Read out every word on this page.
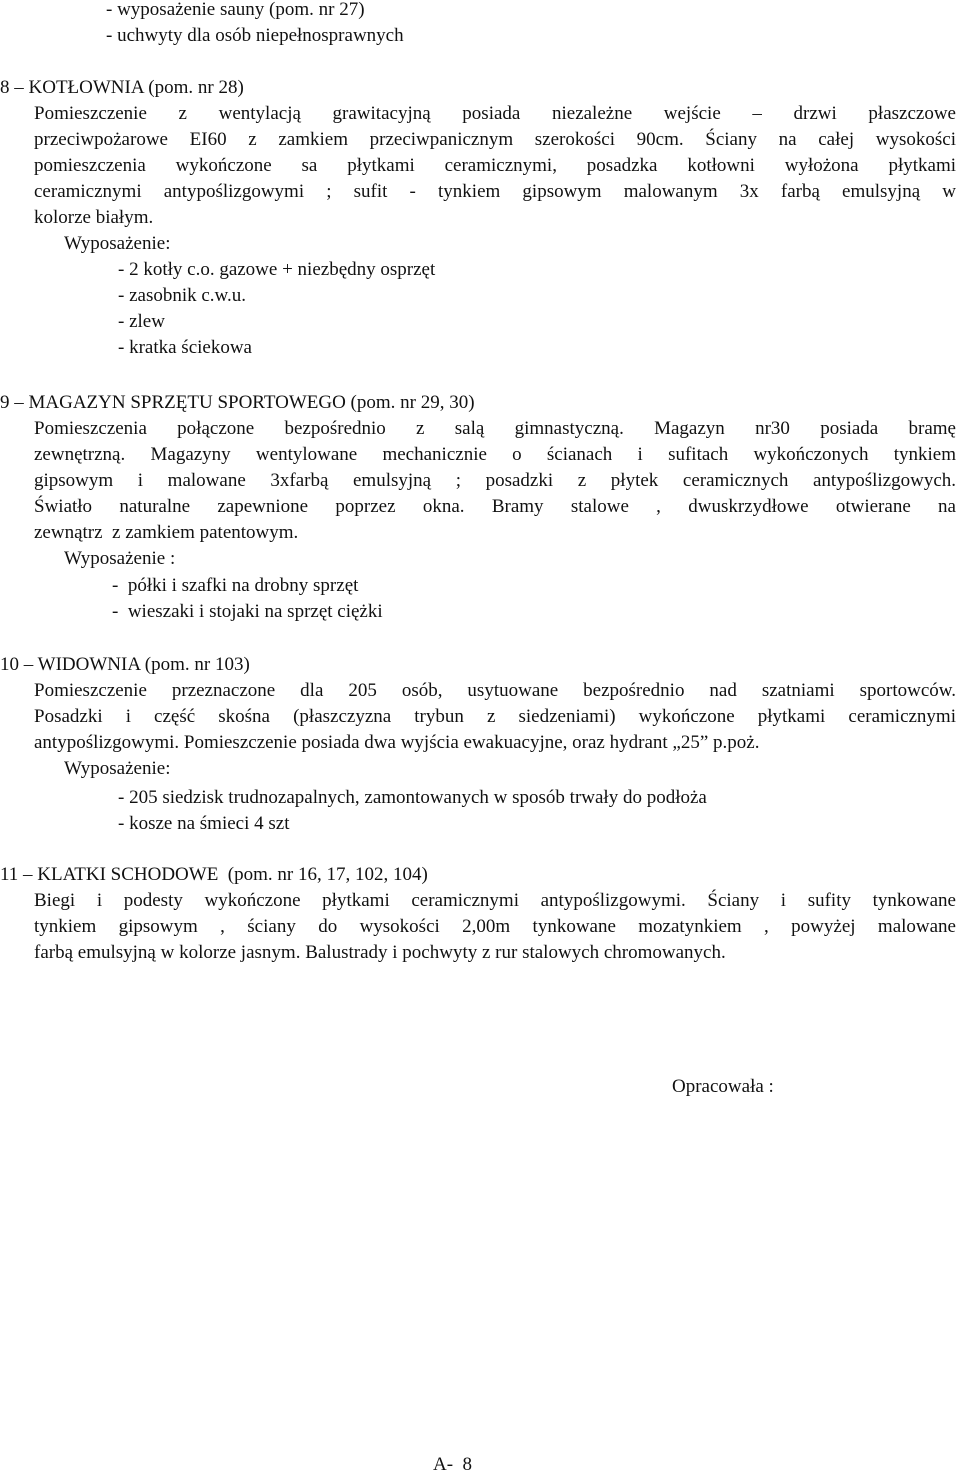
- wyposażenie sauny (pom. nr 27)
- uchwyty dla osób niepełnosprawnych
8 – KOTŁOWNIA (pom. nr 28)
Pomieszczenie z wentylacją grawitacyjną posiada niezależne wejście – drzwi płaszczowe
przeciwpożarowe EI60 z zamkiem przeciwpanicznym szerokości 90cm. Ściany na całej wysokości
pomieszczenia wykończone sa płytkami ceramicznymi, posadzka kotłowni wyłożona płytkami
ceramicznymi antypoślizgowymi ; sufit - tynkiem gipsowym malowanym 3x farbą emulsyjną w
kolorze białym.
Wyposażenie:
- 2 kotły c.o. gazowe + niezbędny osprzęt
- zasobnik c.w.u.
- zlew
- kratka ściekowa
9 – MAGAZYN SPRZĘTU SPORTOWEGO (pom. nr 29, 30)
Pomieszczenia połączone bezpośrednio z salą gimnastyczną. Magazyn nr30 posiada bramę
zewnętrzną. Magazyny wentylowane mechanicznie o ścianach i sufitach wykończonych tynkiem
gipsowym i malowane 3xfarbą emulsyjną ; posadzki z płytek ceramicznych antypoślizgowych.
Światło naturalne zapewnione poprzez okna. Bramy stalowe , dwuskrzydłowe otwierane na
zewnątrz  z zamkiem patentowym.
Wyposażenie :
-  półki i szafki na drobny sprzęt
-  wieszaki i stojaki na sprzęt ciężki
10 – WIDOWNIA (pom. nr 103)
Pomieszczenie przeznaczone dla 205 osób, usytuowane bezpośrednio nad szatniami sportowców.
Posadzki i część skośna (płaszczyzna trybun z siedzeniami) wykończone płytkami ceramicznymi
antypoślizgowymi. Pomieszczenie posiada dwa wyjścia ewakuacyjne, oraz hydrant „25” p.poż.
Wyposażenie:
- 205 siedzisk trudnozapalnych, zamontowanych w sposób trwały do podłoża
- kosze na śmieci 4 szt
11 – KLATKI SCHODOWE  (pom. nr 16, 17, 102, 104)
Biegi i podesty wykończone płytkami ceramicznymi antypoślizgowymi. Ściany i sufity tynkowane
tynkiem gipsowym , ściany do wysokości 2,00m tynkowane mozatynkiem , powyżej malowane
farbą emulsyjną w kolorze jasnym. Balustrady i pochwyty z rur stalowych chromowanych.
Opracowała :
A-  8
